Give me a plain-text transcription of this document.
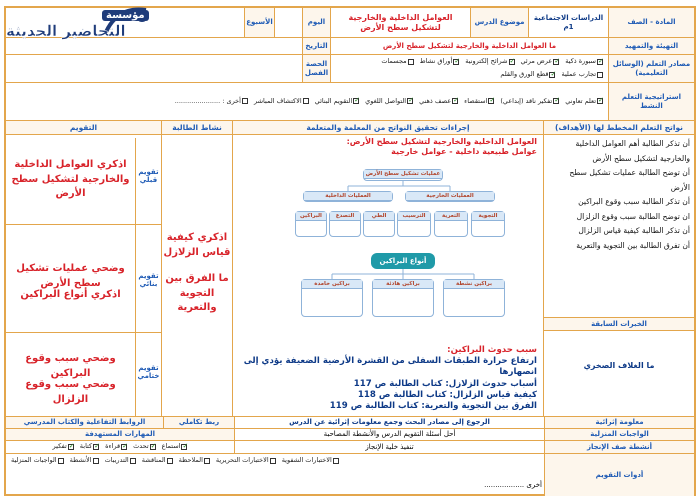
المادة - الصف
الدراسات الاجتماعية 1م
موضوع الدرس
العوامل الداخلية والخارجية لتشكيل سطح الأرض
اليوم
الأسبوع
التهيئة والتمهيد
ما العوامل الداخلية والخارجية لتشكيل سطح الأرض
التاريخ
مصادر التعلم (الوسائل التعليمية)
✓
سبورة ذكية
✓
عرض مرئي
✓
شرائح إلكترونية
✓
أوراق نشاط
مجسمات
تجارب عملية
✓
قطع الورق والقلم
الحصة
الفصل
استراتيجية التعلم النشط
✓
تعلم تعاوني
✓
تفكير ناقد (إبداعي)
✓
استقصاء
✓
عصف ذهني
✓
التواصل اللغوي
✓
التقويم البنائي
الاكتشاف المباشر
أخرى : ......................
نواتج التعلم المخطط لها (الأهداف)
أن تذكر الطالبة أهم العوامل الداخلية والخارجية لتشكيل سطح الأرض
أن توضح الطالبة عمليات تشكيل سطح الأرض
أن تذكر الطالبة سبب وقوع البراكين
ان توضح الطالبة سبب وقوع الزلزال
أن تذكر الطالبة كيفية قياس الزلزال
أن تفرق الطالبة بين التجوية والتعرية
الخبرات السابقة
ما الغلاف الصخري
إجراءات تحقيق النواتج من المعلمة والمتعلمة
العوامل الداخلية والخارجية لتشكيل سطح الأرض:
عوامل طبيعية داخلية - عوامل خارجية
عمليات تشكيل سطح الأرض
العمليات الخارجية
العمليات الداخلية
التجوية
التعرية
الترسيب
الطي
التصدع
البراكين
أنواع البراكين
براكين نشطة
براكين هادئة
براكين خامدة
سبب حدوث البراكين:
ارتفاع حرارة الطبقات السفلى من القشرة الأرضية الضعيفة يؤدي إلى انصهارها
أسباب حدوث الزلازل: كتاب الطالبة ص 117
كيفية قياس الزلزال: كتاب الطالبة ص 118
الفرق بين التجوية والتعرية: كتاب الطالبة ص 119
نشاط الطالبة
اذكري كيفية قياس الزلازل
ما الفرق بين التجوية والتعرية
التقويم
تقويم قبلي
تقويم بنائي
تقويم ختامي
اذكري العوامل الداخلية والخارجية لتشكيل سطح الأرض
وضحي عمليات تشكيل سطح الأرض
اذكري أنواع البراكين
وضحي سبب وقوع البراكين
وضحي سبب وقوع الزلزال
معلومة إثرائية
الرجوع إلى مصادر البحث وجمع معلومات إثرائية عن الدرس
ربط تكاملي
الروابط التفاعلية والكتاب المدرسي
الواجبات المنزلية
أحل أسئلة التقويم الدرس والأنشطة المصاحبة
المهارات المستهدفة
أنشطة صف الإنجاز
تنفيذ خلية الإنجاز
✓
استماع
✓
تحدث
✓
قراءة
✓
كتابة
✓
تفكير
أدوات التقويم
الاختبارات الشفوية
الاختبارات التحريرية
الملاحظة
المناقشة
التدريبات
الأنشطة
الواجبات المنزلية
أخرى ..................
مؤسسة
التحاضير الحديثة
